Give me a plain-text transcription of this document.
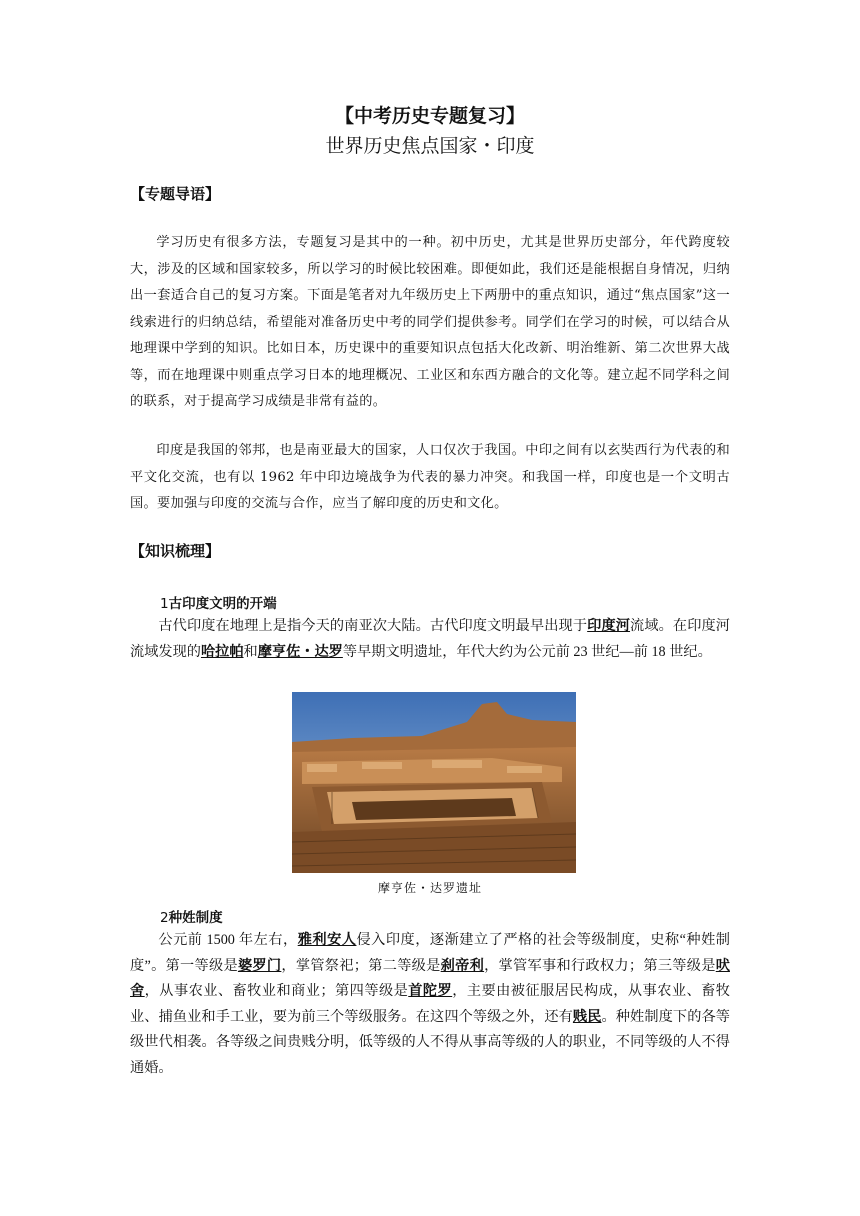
【中考历史专题复习】
世界历史焦点国家・印度
【专题导语】

学习历史有很多方法，专题复习是其中的一种。初中历史，尤其是世界历史部分，年代跨度较大，涉及的区域和国家较多，所以学习的时候比较困难。即便如此，我们还是能根据自身情况，归纳出一套适合自己的复习方案。下面是笔者对九年级历史上下两册中的重点知识，通过“焦点国家”这一线索进行的归纳总结，希望能对准备历史中考的同学们提供参考。同学们在学习的时候，可以结合从地理课中学到的知识。比如日本，历史课中的重要知识点包括大化改新、明治维新、第二次世界大战等，而在地理课中则重点学习日本的地理概况、工业区和东西方融合的文化等。建立起不同学科之间的联系，对于提高学习成绩是非常有益的。

印度是我国的邻邦，也是南亚最大的国家，人口仅次于我国。中印之间有以玄奘西行为代表的和平文化交流，也有以 1962 年中印边境战争为代表的暴力冲突。和我国一样，印度也是一个文明古国。要加强与印度的交流与合作，应当了解印度的历史和文化。

【知识梳理】
1古印度文明的开端

古代印度在地理上是指今天的南亚次大陆。古代印度文明最早出现于印度河流域。在印度河流域发现的哈拉帕和摩亨佐・达罗等早期文明遗址，年代大约为公元前 23 世纪—前 18 世纪。

摩亨佐・达罗遗址
2种姓制度

公元前 1500 年左右，雅利安人侵入印度，逐渐建立了严格的社会等级制度，史称“种姓制度”。第一等级是婆罗门，掌管祭祀；第二等级是刹帝利，掌管军事和行政权力；第三等级是吠舍，从事农业、畜牧业和商业；第四等级是首陀罗，主要由被征服居民构成，从事农业、畜牧业、捕鱼业和手工业，要为前三个等级服务。在这四个等级之外，还有贱民。种姓制度下的各等级世代相袭。各等级之间贵贱分明，低等级的人不得从事高等级的人的职业，不同等级的人不得通婚。
